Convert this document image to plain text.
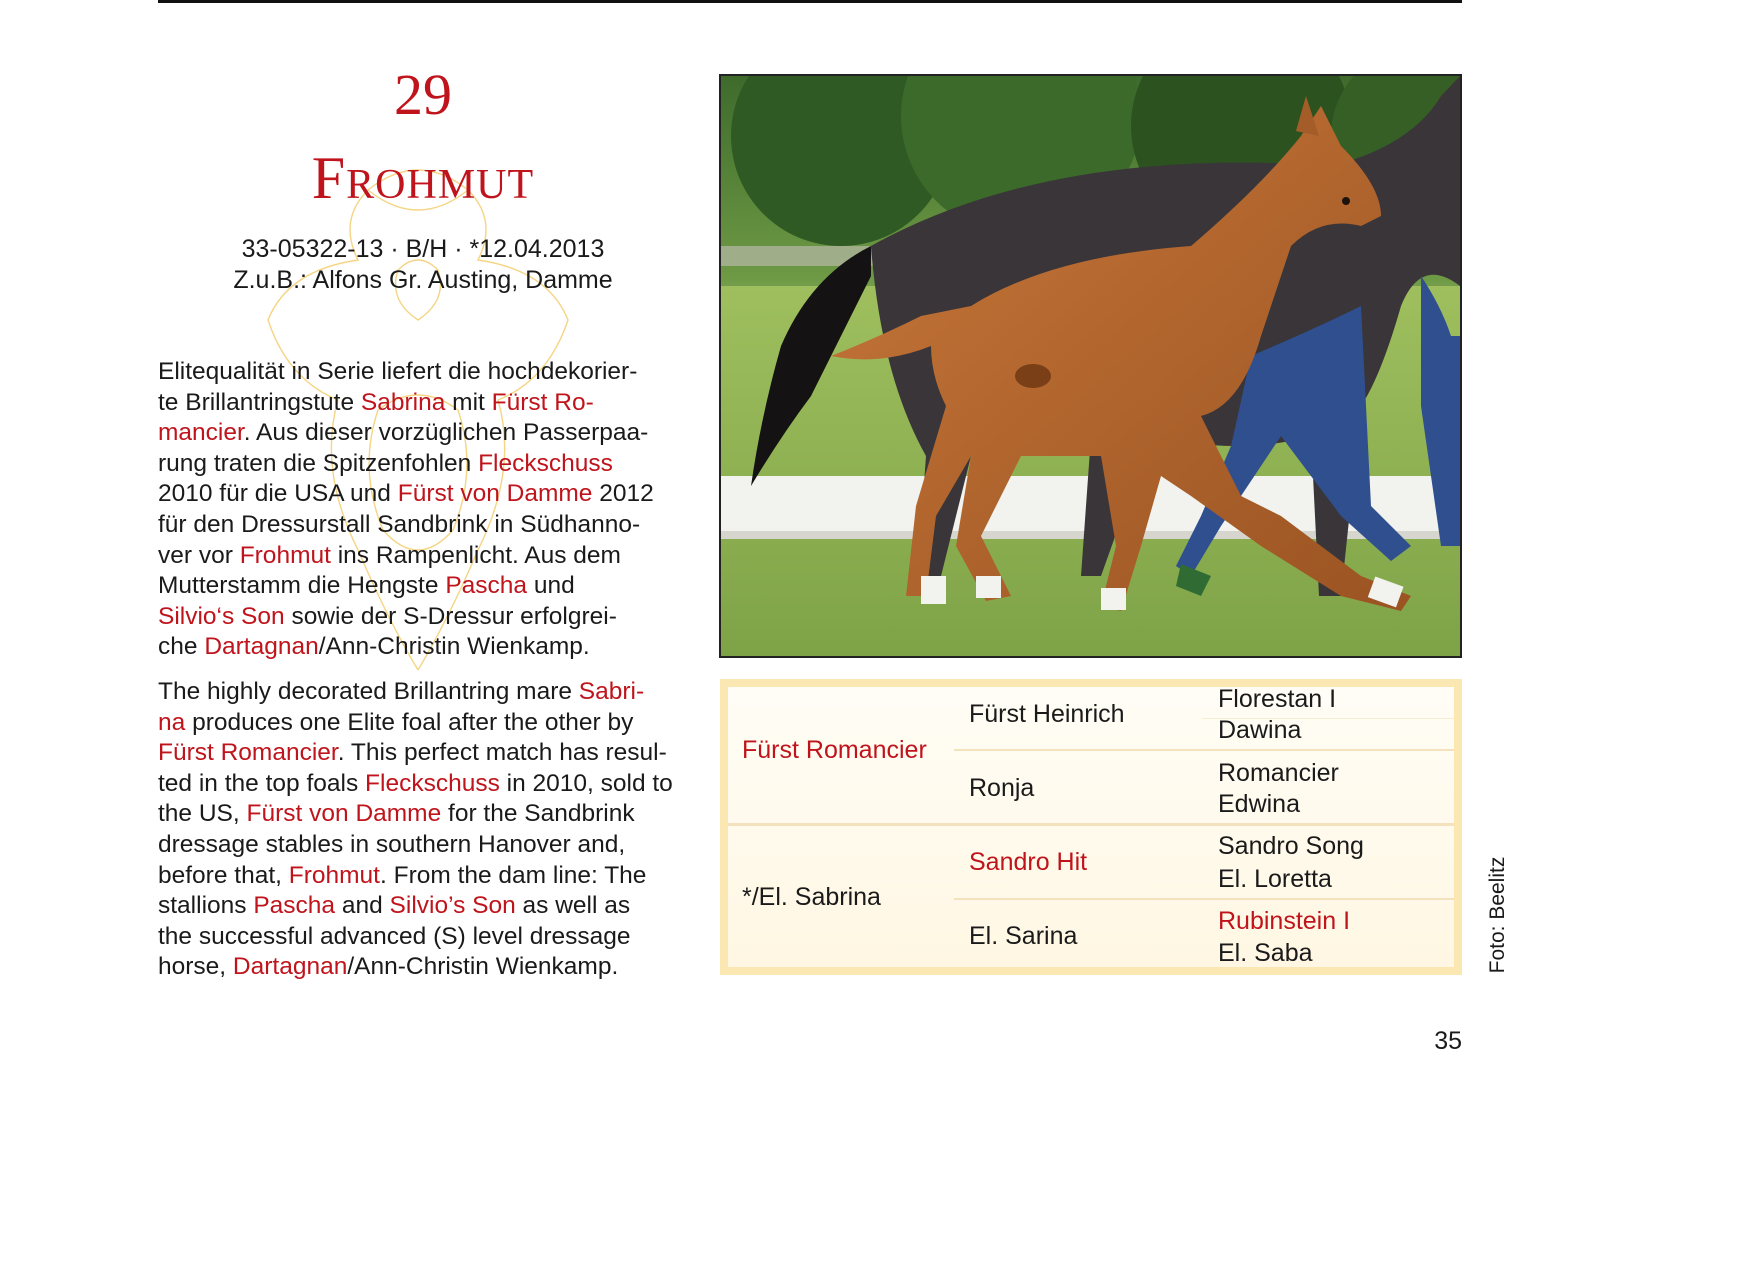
29
Frohmut
33-05322-13 · B/H · *12.04.2013
Z.u.B.: Alfons Gr. Austing, Damme
Elitequalität in Serie liefert die hochdekorier-
te Brillantringstute Sabrina mit Fürst Ro-
mancier. Aus dieser vorzüglichen Passerpaa-
rung traten die Spitzenfohlen Fleckschuss
2010 für die USA und Fürst von Damme 2012
für den Dressurstall Sandbrink in Südhanno-
ver vor Frohmut ins Rampenlicht. Aus dem
Mutterstamm die Hengste Pascha und
Silvio‘s Son sowie der S-Dressur erfolgrei-
che Dartagnan/Ann-Christin Wienkamp.
The highly decorated Brillantring mare Sabri-
na produces one Elite foal after the other by
Fürst Romancier. This perfect match has resul-
ted in the top foals Fleckschuss in 2010, sold to
the US, Fürst von Damme for the Sandbrink
dressage stables in southern Hanover and,
before that, Frohmut. From the dam line: The
stallions Pascha and Silvio’s Son as well as
the successful advanced (S) level dressage
horse, Dartagnan/Ann-Christin Wienkamp.
Fürst Romancier
*/El. Sabrina
Fürst Heinrich
Ronja
Sandro Hit
El. Sarina
Florestan I
Dawina
Romancier
Edwina
Sandro Song
El. Loretta
Rubinstein I
El. Saba	Foto: Beelitz
35
